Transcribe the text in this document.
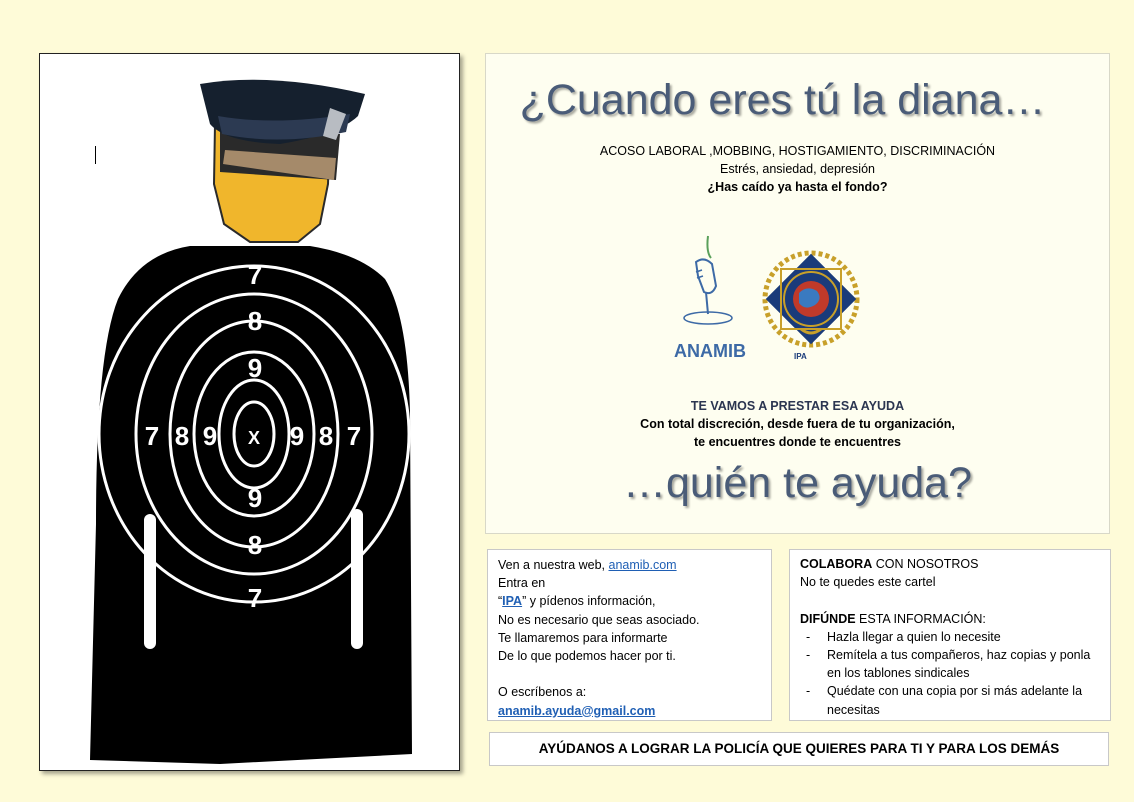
7
8
9
9
8
7
7 8 9	9 8 7
X
¿Cuando eres tú la diana…
ACOSO LABORAL ,MOBBING, HOSTIGAMIENTO, DISCRIMINACIÓN
Estrés, ansiedad, depresión
¿Has caído ya hasta el fondo?
ANAMIB	IPA
TE VAMOS A PRESTAR ESA AYUDA
Con total discreción, desde fuera de tu organización,
te encuentres donde te encuentres
…quién te ayuda?
Ven a nuestra web, anamib.com
Entra en
“IPA” y pídenos información,
No es necesario que seas asociado.
Te llamaremos para informarte
De lo que podemos hacer por ti.
O escríbenos a:
anamib.ayuda@gmail.com
COLABORA CON NOSOTROS
No te quedes este cartel
DIFÚNDE ESTA INFORMACIÓN:
- Hazla llegar a quien lo necesite
- Remítela a tus compañeros, haz copias y ponla en los tablones sindicales
- Quédate con una copia por si más adelante la necesitas
AYÚDANOS A LOGRAR LA POLICÍA QUE QUIERES PARA TI Y PARA LOS DEMÁS
